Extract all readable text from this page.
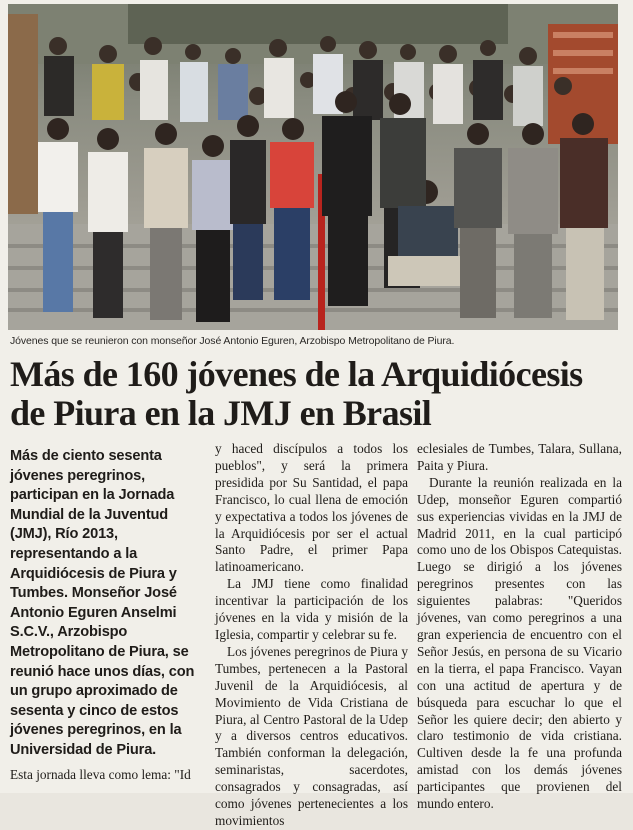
Jóvenes que se reunieron con monseñor José Antonio Eguren, Arzobispo Metropolitano de Piura.
Más de 160 jóvenes de la Arquidiócesis
de Piura en la JMJ en Brasil

Más de ciento sesenta jóvenes peregrinos, participan en la Jornada Mundial de la Juventud (JMJ), Río 2013, representando a la Arquidiócesis de Piura y Tumbes. Monseñor José Antonio Eguren Anselmi S.C.V., Arzobispo Metropolitano de Piura, se reunió hace unos días, con un grupo aproximado de sesenta y cinco de estos jóvenes peregrinos, en la Universidad de Piura.

Esta jornada lleva como lema: "Id

y haced discípulos a todos los pueblos", y será la primera presidida por Su Santidad, el papa Francisco, lo cual llena de emoción y expectativa a todos los jóvenes de la Arquidiócesis por ser el actual Santo Padre, el primer Papa latinoamericano.

La JMJ tiene como finalidad incentivar la participación de los jóvenes en la vida y misión de la Iglesia, compartir y celebrar su fe.

Los jóvenes peregrinos de Piura y Tumbes, pertenecen a la Pastoral Juvenil de la Arquidiócesis, al Movimiento de Vida Cristiana de Piura, al Centro Pastoral de la Udep y a diversos centros educativos. También conforman la delegación, seminaristas, sacerdotes, consagrados y consagradas, así como jóvenes pertenecientes a los movimientos

eclesiales de Tumbes, Talara, Sullana, Paita y Piura.

Durante la reunión realizada en la Udep, monseñor Eguren compartió sus experiencias vividas en la JMJ de Madrid 2011, en la cual participó como uno de los Obispos Catequistas. Luego se dirigió a los jóvenes peregrinos presentes con las siguientes palabras: "Queridos jóvenes, van como peregrinos a una gran experiencia de encuentro con el Señor Jesús, en persona de su Vicario en la tierra, el papa Francisco. Vayan con una actitud de apertura y de búsqueda para escuchar lo que el Señor les quiere decir; den abierto y claro testimonio de vida cristiana. Cultiven desde la fe una profunda amistad con los demás jóvenes participantes que provienen del mundo entero.
